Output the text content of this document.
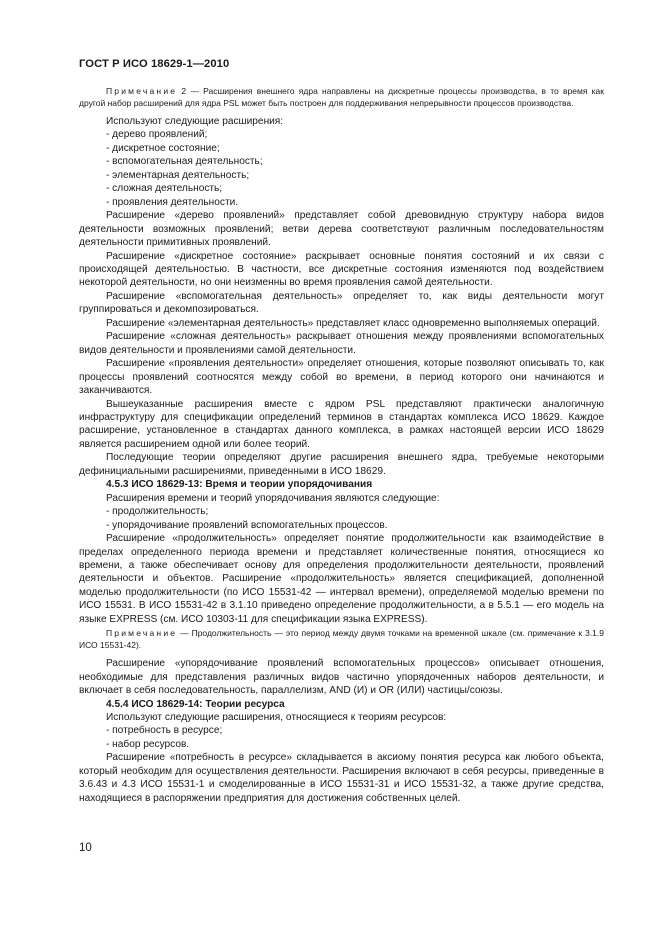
ГОСТ Р ИСО 18629-1—2010

Примечание 2 — Расширения внешнего ядра направлены на дискретные процессы производства, в то время как другой набор расширений для ядра PSL может быть построен для поддерживания непрерывности процессов производства.

Используют следующие расширения:

- дерево проявлений;
- дискретное состояние;
- вспомогательная деятельность;
- элементарная деятельность;
- сложная деятельность;
- проявления деятельности.

Расширение «дерево проявлений» представляет собой древовидную структуру набора видов деятельности возможных проявлений; ветви дерева соответствуют различным последовательностям деятельности примитивных проявлений.

Расширение «дискретное состояние» раскрывает основные понятия состояний и их связи с происходящей деятельностью. В частности, все дискретные состояния изменяются под воздействием некоторой деятельности, но они неизменны во время проявления самой деятельности.

Расширение «вспомогательная деятельность» определяет то, как виды деятельности могут группироваться и декомпозироваться.

Расширение «элементарная деятельность» представляет класс одновременно выполняемых операций.

Расширение «сложная деятельность» раскрывает отношения между проявлениями вспомогательных видов деятельности и проявлениями самой деятельности.

Расширение «проявления деятельности» определяет отношения, которые позволяют описывать то, как процессы проявлений соотносятся между собой во времени, в период которого они начинаются и заканчиваются.

Вышеуказанные расширения вместе с ядром PSL представляют практически аналогичную инфраструктуру для спецификации определений терминов в стандартах комплекса ИСО 18629. Каждое расширение, установленное в стандартах данного комплекса, в рамках настоящей версии ИСО 18629 является расширением одной или более теорий.

Последующие теории определяют другие расширения внешнего ядра, требуемые некоторыми дефинициальными расширениями, приведенными в ИСО 18629.

4.5.3 ИСО 18629-13: Время и теории упорядочивания

Расширения времени и теорий упорядочивания являются следующие:

- продолжительность;
- упорядочивание проявлений вспомогательных процессов.

Расширение «продолжительность» определяет понятие продолжительности как взаимодействие в пределах определенного периода времени и представляет количественные понятия, относящиеся ко времени, а также обеспечивает основу для определения продолжительности деятельности, проявлений деятельности и объектов. Расширение «продолжительность» является спецификацией, дополненной моделью продолжительности (по ИСО 15531-42 — интервал времени), определяемой моделью времени по ИСО 15531. В ИСО 15531-42 в 3.1.10 приведено определение продолжительности, а в 5.5.1 — его модель на языке EXPRESS (см. ИСО 10303-11 для спецификации языка EXPRESS).

Примечание — Продолжительность — это период между двумя точками на временной шкале (см. примечание к 3.1.9 ИСО 15531-42).

Расширение «упорядочивание проявлений вспомогательных процессов» описывает отношения, необходимые для представления различных видов частично упорядоченных наборов деятельности, и включает в себя последовательность, параллелизм, AND (И) и OR (ИЛИ) частицы/союзы.

4.5.4 ИСО 18629-14: Теории ресурса

Используют следующие расширения, относящиеся к теориям ресурсов:

- потребность в ресурсе;
- набор ресурсов.

Расширение «потребность в ресурсе» складывается в аксиому понятия ресурса как любого объекта, который необходим для осуществления деятельности. Расширения включают в себя ресурсы, приведенные в 3.6.43 и 4.3 ИСО 15531-1 и смоделированные в ИСО 15531-31 и ИСО 15531-32, а также другие средства, находящиеся в распоряжении предприятия для достижения собственных целей.

10
